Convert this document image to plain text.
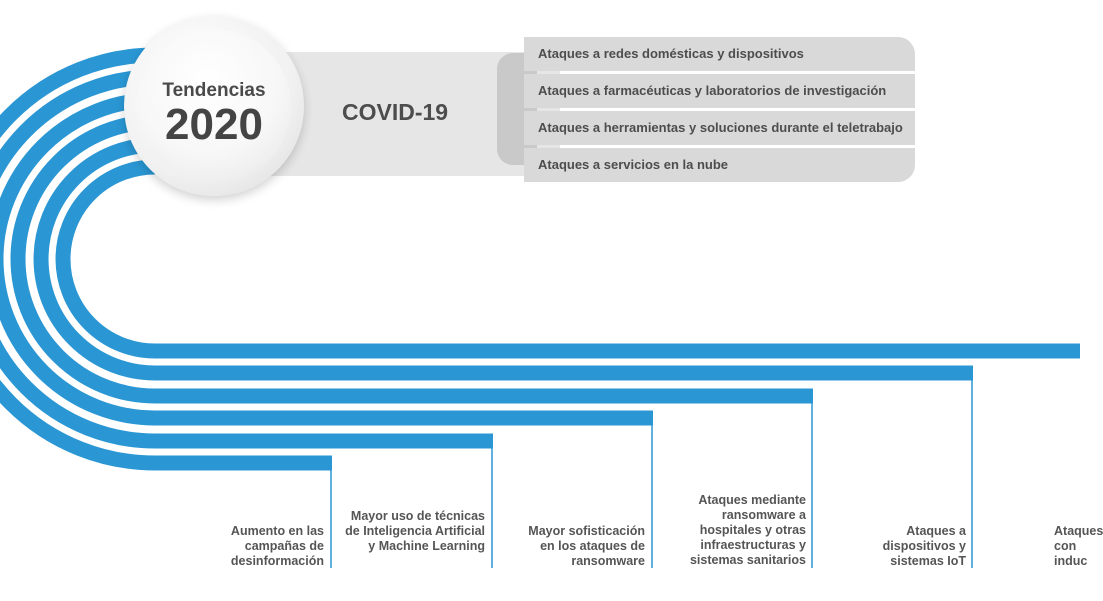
Tendencias
2020	COVID-19
Ataques a redes domésticas y dispositivos
Ataques a farmacéuticas y laboratorios de investigación
Ataques a herramientas y soluciones durante el teletrabajo
Ataques a servicios en la nube
Aumento en las campañas de desinformación
Mayor uso de técnicas de Inteligencia Artificial y Machine Learning
Mayor sofisticación en los ataques de ransomware
Ataques mediante ransomware a hospitales y otras infraestructuras y sistemas sanitarios
Ataques a dispositivos y sistemas IoT
Ataques con induc
